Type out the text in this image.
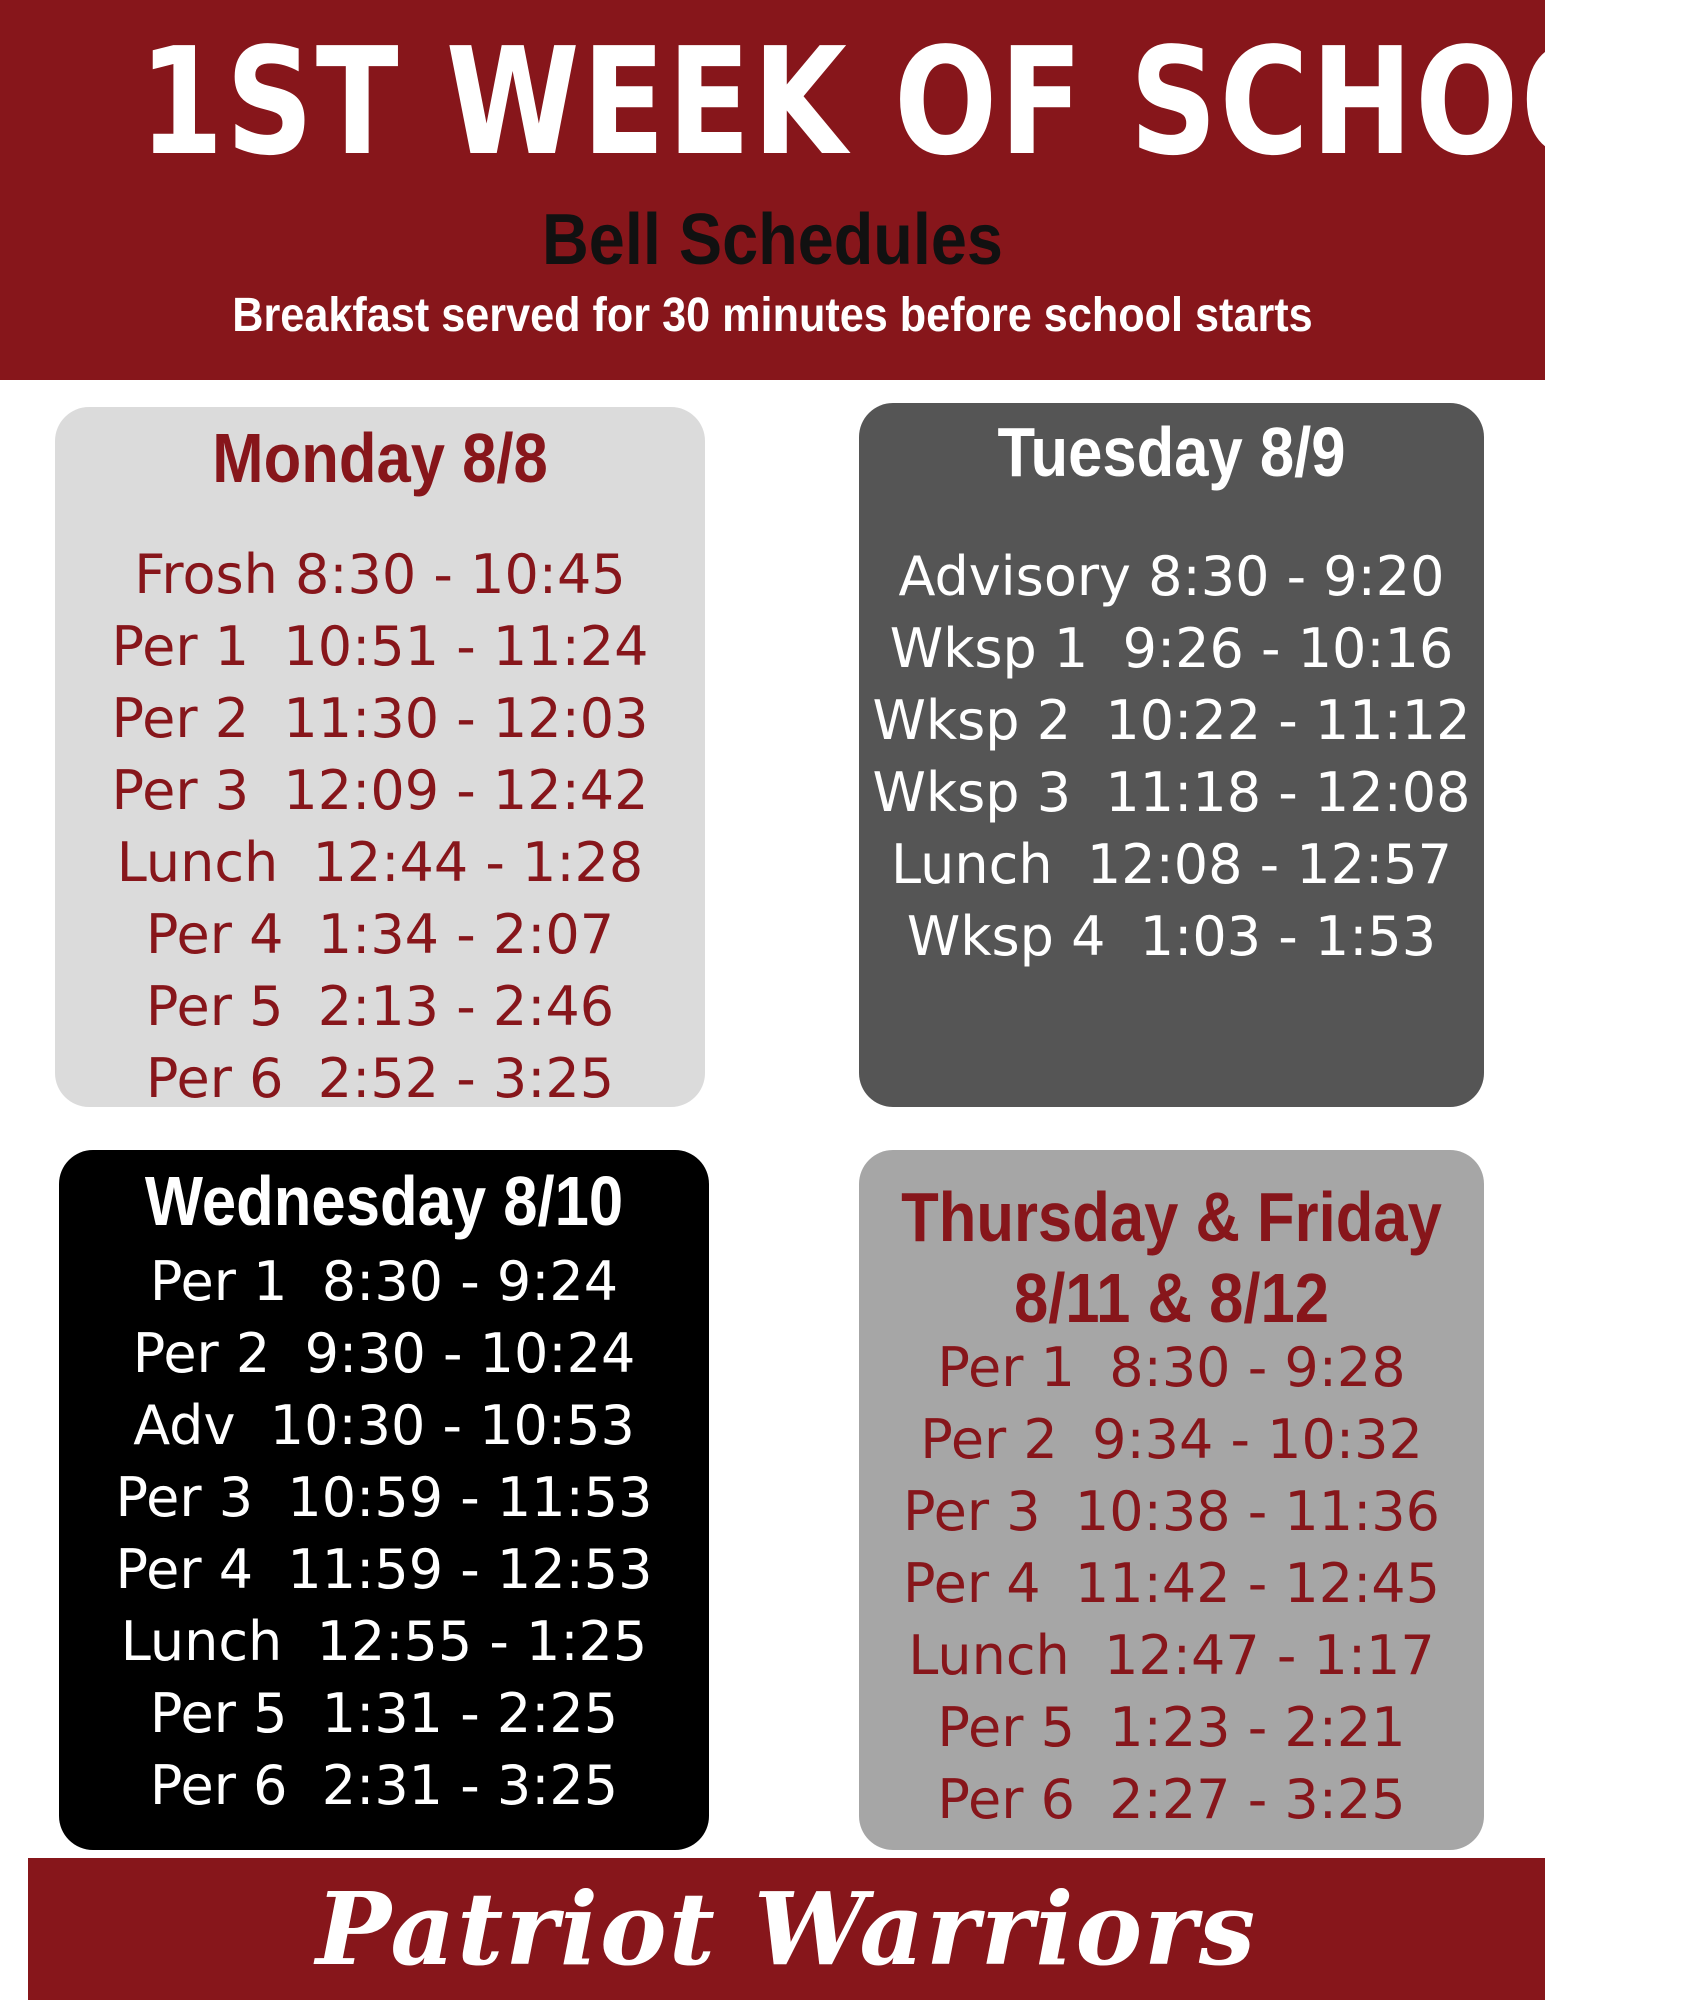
1ST WEEK OF SCHOOL
Bell Schedules
Breakfast served for 30 minutes before school starts
Monday 8/8
Frosh 8:30 - 10:45
Per 1  10:51 - 11:24
Per 2  11:30 - 12:03
Per 3  12:09 - 12:42
Lunch  12:44 - 1:28
Per 4  1:34 - 2:07
Per 5  2:13 - 2:46
Per 6  2:52 - 3:25
Tuesday 8/9
Advisory 8:30 - 9:20
Wksp 1  9:26 - 10:16
Wksp 2  10:22 - 11:12
Wksp 3  11:18 - 12:08
Lunch  12:08 - 12:57
Wksp 4  1:03 - 1:53
Wednesday 8/10
Per 1  8:30 - 9:24
Per 2  9:30 - 10:24
Adv  10:30 - 10:53
Per 3  10:59 - 11:53
Per 4  11:59 - 12:53
Lunch  12:55 - 1:25
Per 5  1:31 - 2:25
Per 6  2:31 - 3:25
Thursday & Friday
8/11 & 8/12
Per 1  8:30 - 9:28
Per 2  9:34 - 10:32
Per 3  10:38 - 11:36
Per 4  11:42 - 12:45
Lunch  12:47 - 1:17
Per 5  1:23 - 2:21
Per 6  2:27 - 3:25
Patriot Warriors
